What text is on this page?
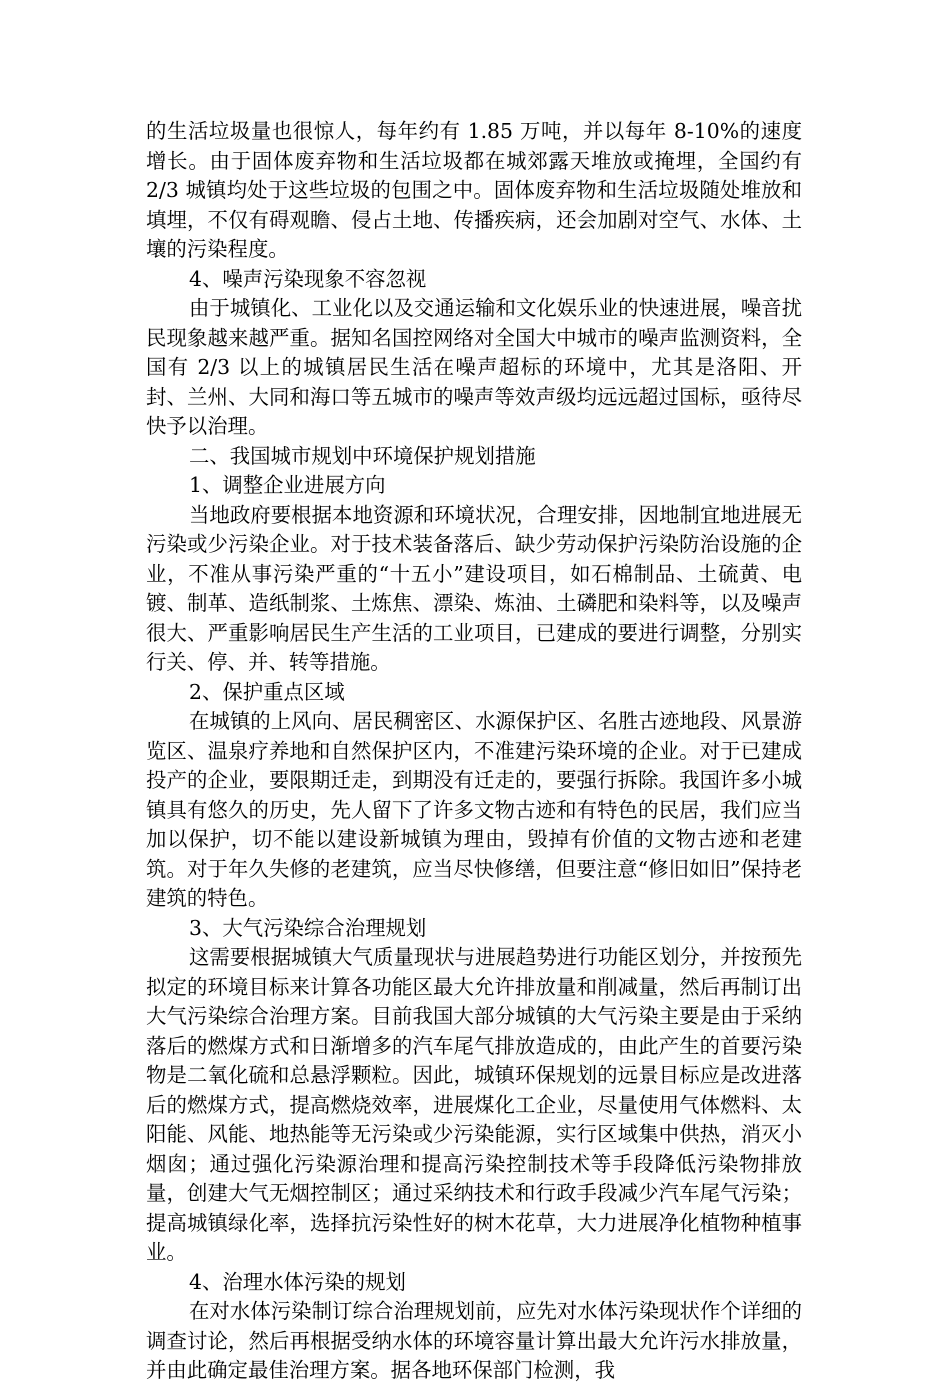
的生活垃圾量也很惊人，每年约有 1.85 万吨，并以每年 8-10%的速度增长。由于固体废弃物和生活垃圾都在城郊露天堆放或掩埋，全国约有 2/3 城镇均处于这些垃圾的包围之中。固体废弃物和生活垃圾随处堆放和填埋，不仅有碍观瞻、侵占土地、传播疾病，还会加剧对空气、水体、土壤的污染程度。

4、噪声污染现象不容忽视

由于城镇化、工业化以及交通运输和文化娱乐业的快速进展，噪音扰民现象越来越严重。据知名国控网络对全国大中城市的噪声监测资料，全国有 2/3 以上的城镇居民生活在噪声超标的环境中，尤其是洛阳、开封、兰州、大同和海口等五城市的噪声等效声级均远远超过国标，亟待尽快予以治理。

二、我国城市规划中环境保护规划措施

1、调整企业进展方向

当地政府要根据本地资源和环境状况，合理安排，因地制宜地进展无污染或少污染企业。对于技术装备落后、缺少劳动保护污染防治设施的企业，不准从事污染严重的“十五小”建设项目，如石棉制品、土硫黄、电镀、制革、造纸制浆、土炼焦、漂染、炼油、土磷肥和染料等，以及噪声很大、严重影响居民生产生活的工业项目，已建成的要进行调整，分别实行关、停、并、转等措施。

2、保护重点区域

在城镇的上风向、居民稠密区、水源保护区、名胜古迹地段、风景游览区、温泉疗养地和自然保护区内，不准建污染环境的企业。对于已建成投产的企业，要限期迁走，到期没有迁走的，要强行拆除。我国许多小城镇具有悠久的历史，先人留下了许多文物古迹和有特色的民居，我们应当加以保护，切不能以建设新城镇为理由，毁掉有价值的文物古迹和老建筑。对于年久失修的老建筑，应当尽快修缮，但要注意“修旧如旧”保持老建筑的特色。

3、大气污染综合治理规划

这需要根据城镇大气质量现状与进展趋势进行功能区划分，并按预先拟定的环境目标来计算各功能区最大允许排放量和削减量，然后再制订出大气污染综合治理方案。目前我国大部分城镇的大气污染主要是由于采纳落后的燃煤方式和日渐增多的汽车尾气排放造成的，由此产生的首要污染物是二氧化硫和总悬浮颗粒。因此，城镇环保规划的远景目标应是改进落后的燃煤方式，提高燃烧效率，进展煤化工企业，尽量使用气体燃料、太阳能、风能、地热能等无污染或少污染能源，实行区域集中供热，消灭小烟囱；通过强化污染源治理和提高污染控制技术等手段降低污染物排放量，创建大气无烟控制区；通过采纳技术和行政手段减少汽车尾气污染；提高城镇绿化率，选择抗污染性好的树木花草，大力进展净化植物种植事业。

4、治理水体污染的规划

在对水体污染制订综合治理规划前，应先对水体污染现状作个详细的调查讨论，然后再根据受纳水体的环境容量计算出最大允许污水排放量，并由此确定最佳治理方案。据各地环保部门检测，我
